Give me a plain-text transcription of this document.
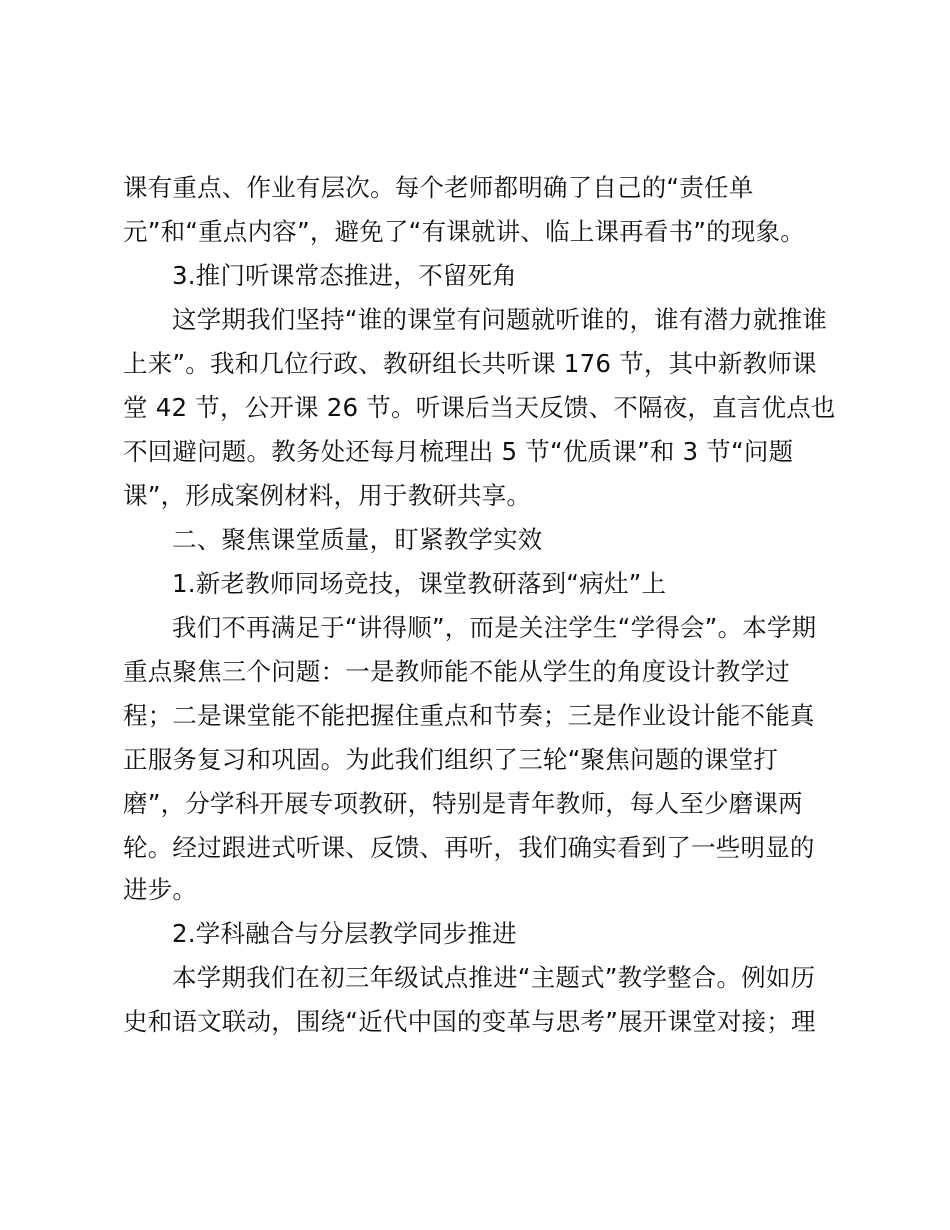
课有重点、作业有层次。每个老师都明确了自己的“责任单
元”和“重点内容”，避免了“有课就讲、临上课再看书”的现象。
3.推门听课常态推进，不留死角
这学期我们坚持“谁的课堂有问题就听谁的，谁有潜力就推谁
上来”。我和几位行政、教研组长共听课 176 节，其中新教师课
堂 42 节，公开课 26 节。听课后当天反馈、不隔夜，直言优点也
不回避问题。教务处还每月梳理出 5 节“优质课”和 3 节“问题
课”，形成案例材料，用于教研共享。
二、聚焦课堂质量，盯紧教学实效
1.新老教师同场竞技，课堂教研落到“病灶”上
我们不再满足于“讲得顺”，而是关注学生“学得会”。本学期
重点聚焦三个问题：一是教师能不能从学生的角度设计教学过
程；二是课堂能不能把握住重点和节奏；三是作业设计能不能真
正服务复习和巩固。为此我们组织了三轮“聚焦问题的课堂打
磨”，分学科开展专项教研，特别是青年教师，每人至少磨课两
轮。经过跟进式听课、反馈、再听，我们确实看到了一些明显的
进步。
2.学科融合与分层教学同步推进
本学期我们在初三年级试点推进“主题式”教学整合。例如历
史和语文联动，围绕“近代中国的变革与思考”展开课堂对接；理
